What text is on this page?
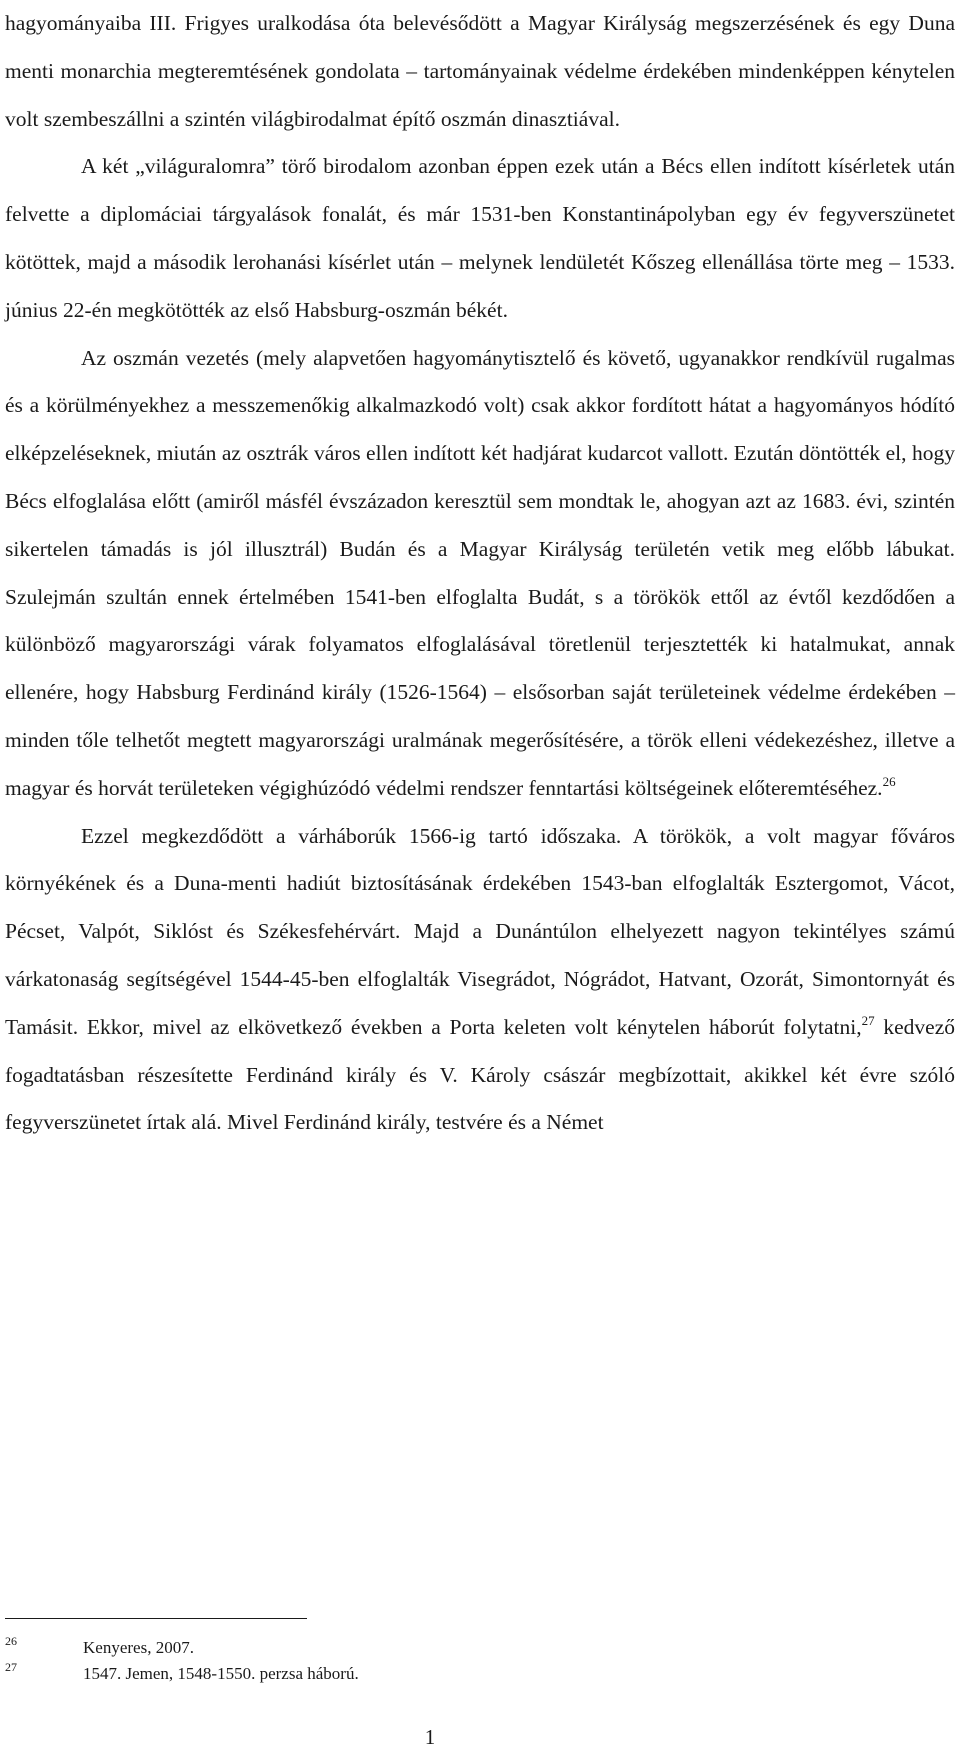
hagyományaiba III. Frigyes uralkodása óta belevésődött a Magyar Királyság megszerzésének és egy Duna menti monarchia megteremtésének gondolata – tartományainak védelme érdekében mindenképpen kénytelen volt szembeszállni a szintén világbirodalmat építő oszmán dinasztiával.

A két „világuralomra” törő birodalom azonban éppen ezek után a Bécs ellen indított kísérletek után felvette a diplomáciai tárgyalások fonalát, és már 1531-ben Konstantinápolyban egy év fegyverszünetet kötöttek, majd a második lerohanási kísérlet után – melynek lendületét Kőszeg ellenállása törte meg – 1533. június 22-én megkötötték az első Habsburg-oszmán békét.

Az oszmán vezetés (mely alapvetően hagyománytisztelő és követő, ugyanakkor rendkívül rugalmas és a körülményekhez a messzemenőkig alkalmazkodó volt) csak akkor fordított hátat a hagyományos hódító elképzeléseknek, miután az osztrák város ellen indított két hadjárat kudarcot vallott. Ezután döntötték el, hogy Bécs elfoglalása előtt (amiről másfél évszázadon keresztül sem mondtak le, ahogyan azt az 1683. évi, szintén sikertelen támadás is jól illusztrál) Budán és a Magyar Királyság területén vetik meg előbb lábukat. Szulejmán szultán ennek értelmében 1541-ben elfoglalta Budát, s a törökök ettől az évtől kezdődően a különböző magyarországi várak folyamatos elfoglalásával töretlenül terjesztették ki hatalmukat, annak ellenére, hogy Habsburg Ferdinánd király (1526-1564) – elsősorban saját területeinek védelme érdekében – minden tőle telhetőt megtett magyarországi uralmának megerősítésére, a török elleni védekezéshez, illetve a magyar és horvát területeken végighúzódó védelmi rendszer fenntartási költségeinek előteremtéséhez.$^{26}$

Ezzel megkezdődött a várháborúk 1566-ig tartó időszaka. A törökök, a volt magyar főváros környékének és a Duna-menti hadiút biztosításának érdekében 1543-ban elfoglalták Esztergomot, Vácot, Pécset, Valpót, Siklóst és Székesfehérvárt. Majd a Dunántúlon elhelyezett nagyon tekintélyes számú várkatonaság segítségével 1544-45-ben elfoglalták Visegrádot, Nógrádot, Hatvant, Ozorát, Simontornyát és Tamásit. Ekkor, mivel az elkövetkező években a Porta keleten volt kénytelen háborút folytatni,$^{27}$ kedvező fogadtatásban részesítette Ferdinánd király és V. Károly császár megbízottait, akikkel két évre szóló fegyverszünetet írtak alá. Mivel Ferdinánd király, testvére és a Német

26	Kenyeres, 2007.
27	1547. Jemen, 1548-1550. perzsa háború.
1
